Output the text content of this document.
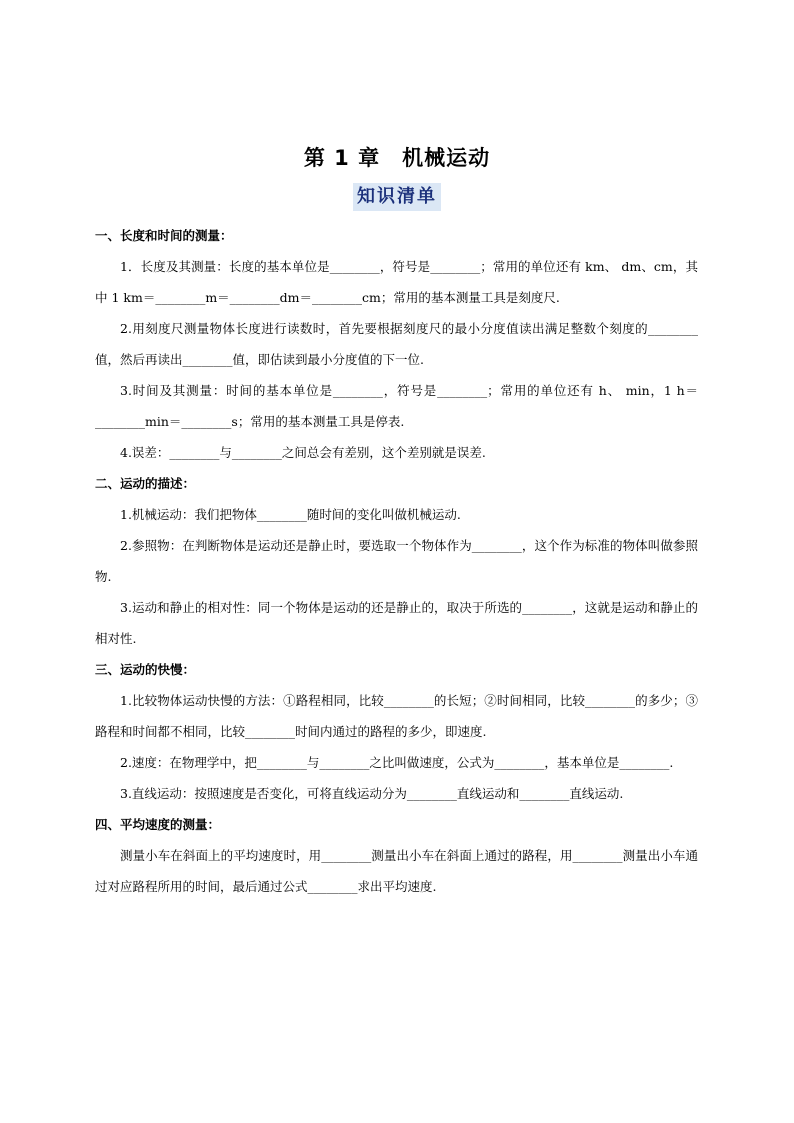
第 1 章　机械运动
知识清单
一、长度和时间的测量：

1．长度及其测量：长度的基本单位是________，符号是________；常用的单位还有 km、 dm、cm，其中 1 km＝________m＝________dm＝________cm；常用的基本测量工具是刻度尺.

2.用刻度尺测量物体长度进行读数时，首先要根据刻度尺的最小分度值读出满足整数个刻度的________值，然后再读出________值，即估读到最小分度值的下一位.

3.时间及其测量：时间的基本单位是________，符号是________；常用的单位还有 h、 min，1 h＝________min＝________s；常用的基本测量工具是停表.

4.误差：________与________之间总会有差别，这个差别就是误差.

二、运动的描述：

1.机械运动：我们把物体________随时间的变化叫做机械运动.

2.参照物：在判断物体是运动还是静止时，要选取一个物体作为________，这个作为标准的物体叫做参照物.

3.运动和静止的相对性：同一个物体是运动的还是静止的，取决于所选的________，这就是运动和静止的相对性.

三、运动的快慢：

1.比较物体运动快慢的方法：①路程相同，比较________的长短；②时间相同，比较________的多少；③路程和时间都不相同，比较________时间内通过的路程的多少，即速度.

2.速度：在物理学中，把________与________之比叫做速度，公式为________，基本单位是________.

3.直线运动：按照速度是否变化，可将直线运动分为________直线运动和________直线运动.

四、平均速度的测量：

测量小车在斜面上的平均速度时，用________测量出小车在斜面上通过的路程，用________测量出小车通过对应路程所用的时间，最后通过公式________求出平均速度.
